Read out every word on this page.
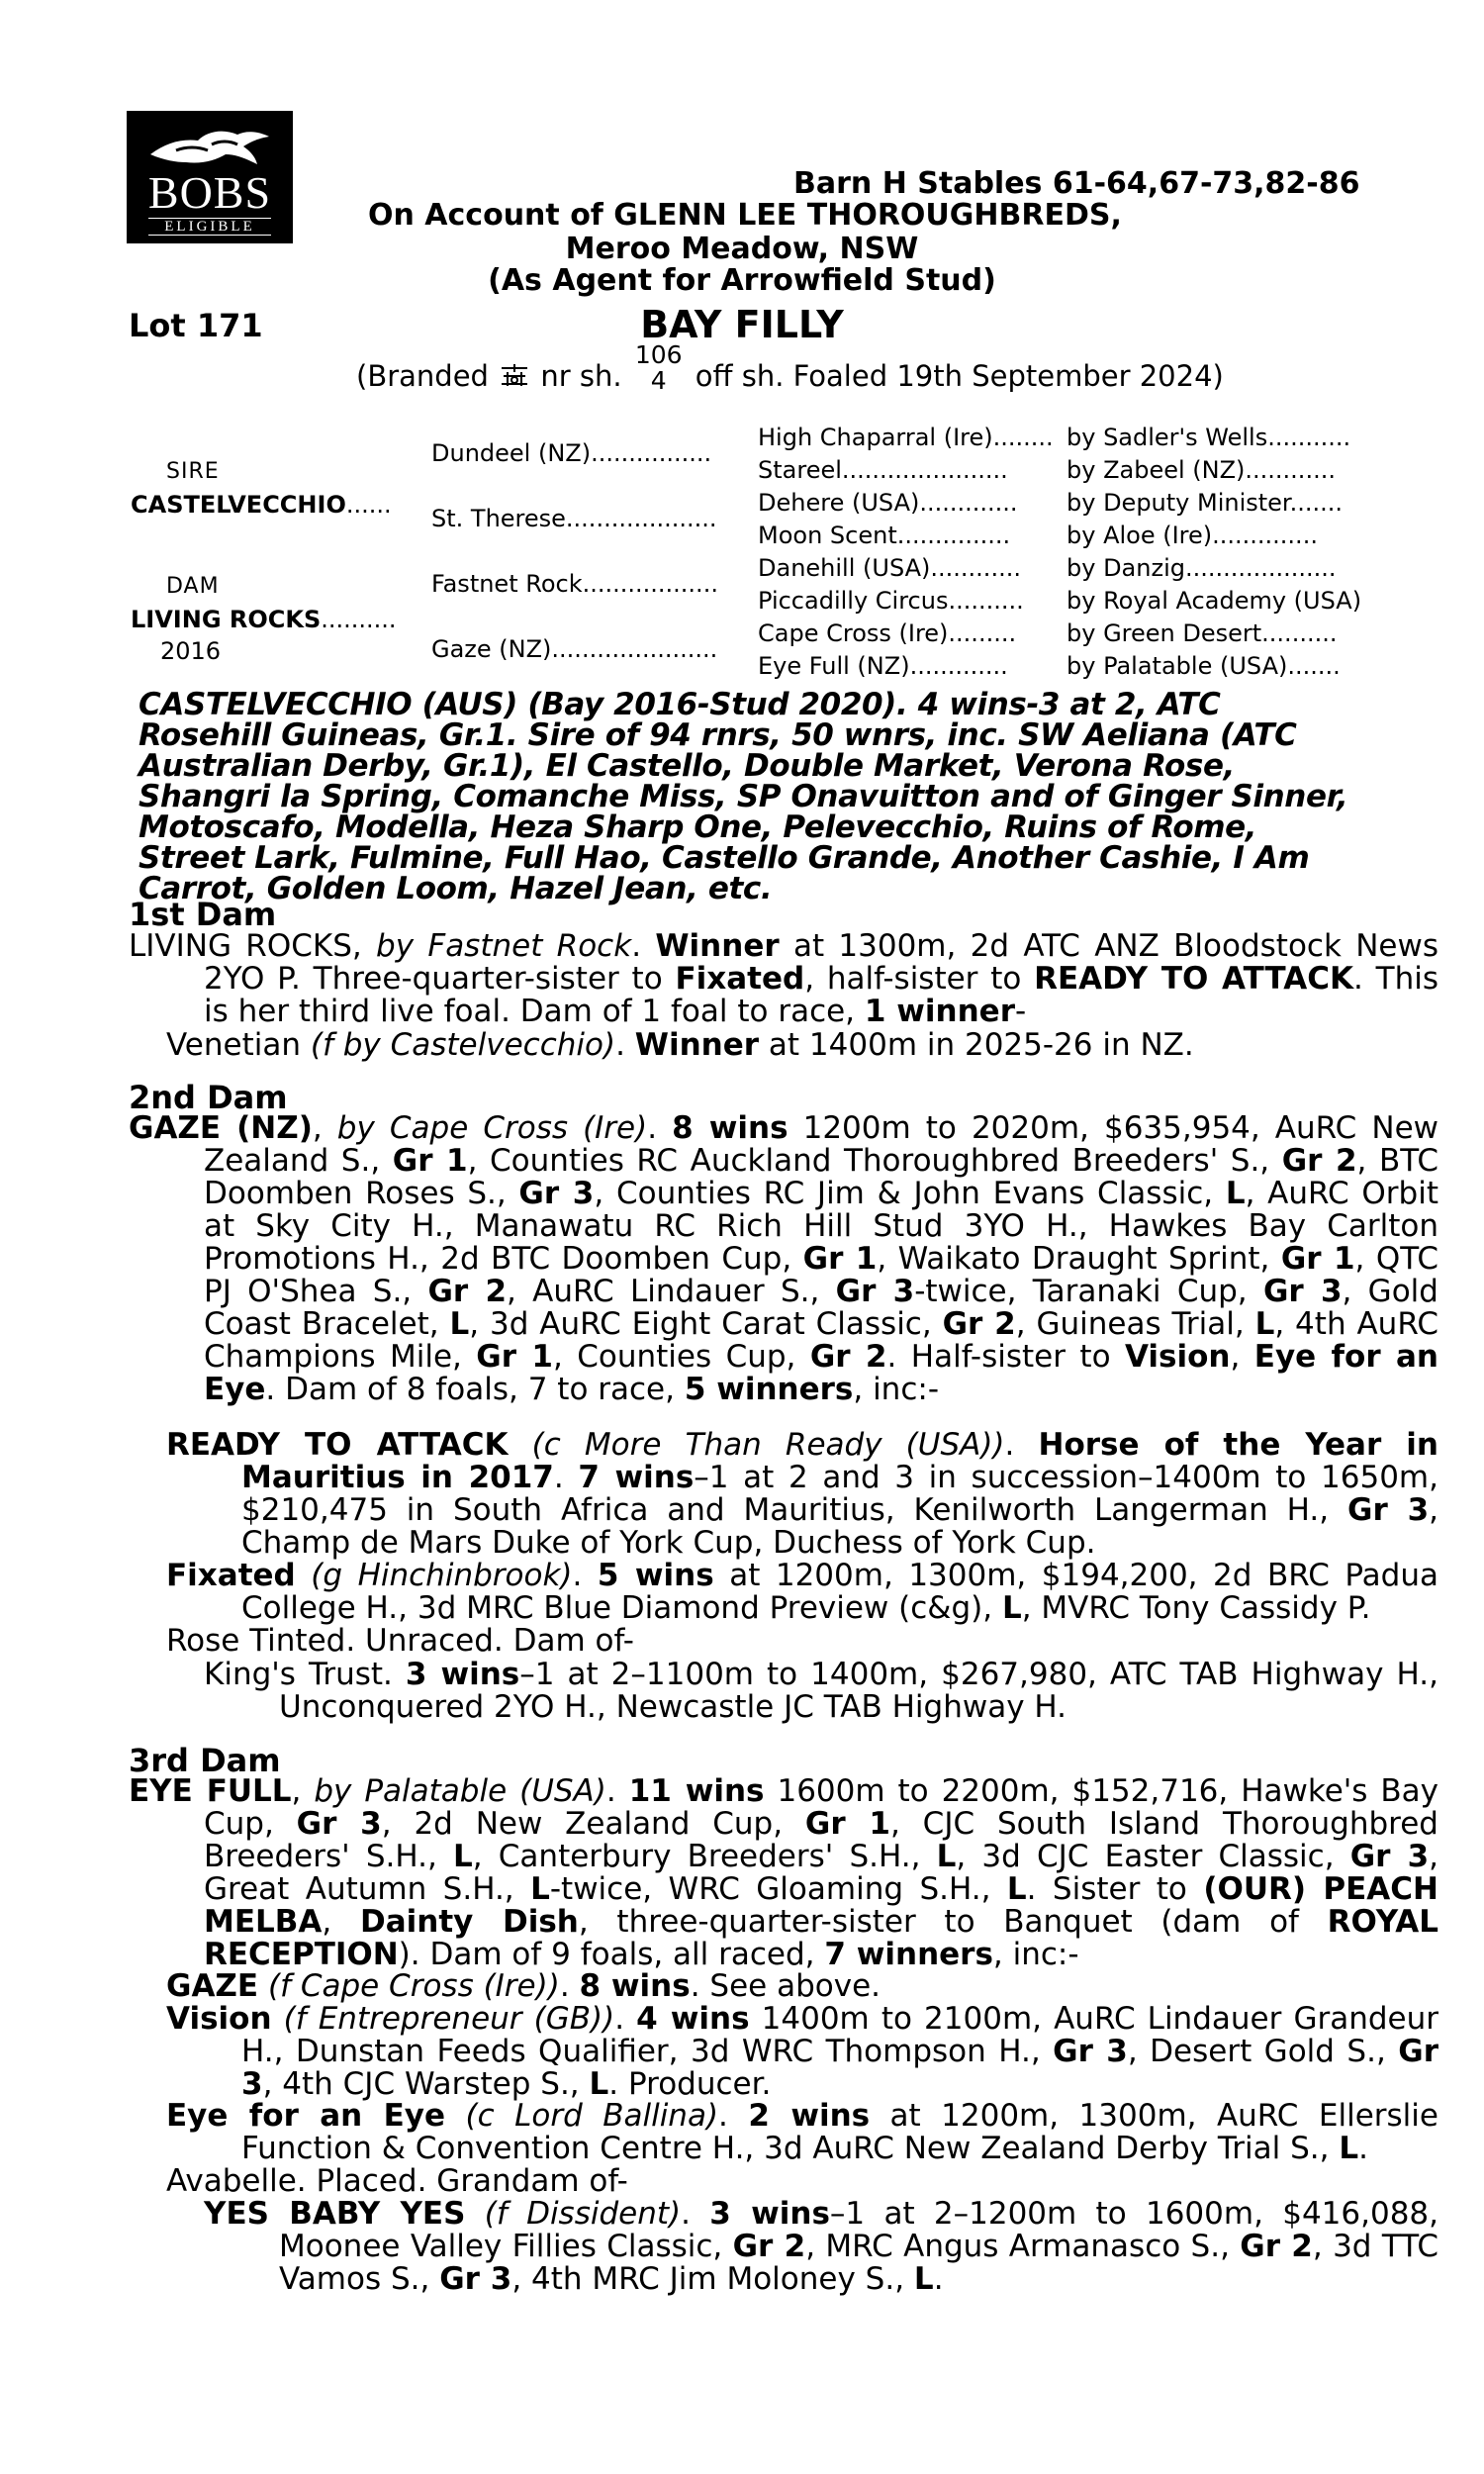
BOBS
ELIGIBLE
Barn H Stables 61-64,67-73,82-86
On Account of GLENN LEE THOROUGHBREDS,
Meroo Meadow, NSW
(As Agent for Arrowfield Stud)
Lot 171	BAY FILLY
(Branded nr sh.
106
4	off sh. Foaled 19th September 2024)
SIRE
CASTELVECCHIO......
DAM
LIVING ROCKS..........
2016
Dundeel (NZ)................
St. Therese....................
Fastnet Rock..................
Gaze (NZ)......................
High Chaparral (Ire)........ by Sadler's Wells...........
Stareel...................... by Zabeel (NZ)............
Dehere (USA)............. by Deputy Minister.......
Moon Scent............... by Aloe (Ire)..............
Danehill (USA)............ by Danzig....................
Piccadilly Circus.......... by Royal Academy (USA)
Cape Cross (Ire)......... by Green Desert..........
Eye Full (NZ)............. by Palatable (USA).......
CASTELVECCHIO (AUS) (Bay 2016-Stud 2020). 4 wins-3 at 2, ATC Rosehill Guineas, Gr.1. Sire of 94 rnrs, 50 wnrs, inc. SW Aeliana (ATC Australian Derby, Gr.1), El Castello, Double Market, Verona Rose, Shangri la Spring, Comanche Miss, SP Onavuitton and of Ginger Sinner, Motoscafo, Modella, Heza Sharp One, Pelevecchio, Ruins of Rome, Street Lark, Fulmine, Full Hao, Castello Grande, Another Cashie, I Am Carrot, Golden Loom, Hazel Jean, etc.
1st Dam
LIVING ROCKS, by Fastnet Rock. Winner at 1300m, 2d ATC ANZ Bloodstock News 2YO P. Three-quarter-sister to Fixated, half-sister to READY TO ATTACK. This is her third live foal. Dam of 1 foal to race, 1 winner-
Venetian (f by Castelvecchio). Winner at 1400m in 2025-26 in NZ.
2nd Dam
GAZE (NZ), by Cape Cross (Ire). 8 wins 1200m to 2020m, $635,954, AuRC New Zealand S., Gr 1, Counties RC Auckland Thoroughbred Breeders' S., Gr 2, BTC Doomben Roses S., Gr 3, Counties RC Jim & John Evans Classic, L, AuRC Orbit at Sky City H., Manawatu RC Rich Hill Stud 3YO H., Hawkes Bay Carlton Promotions H., 2d BTC Doomben Cup, Gr 1, Waikato Draught Sprint, Gr 1, QTC PJ O'Shea S., Gr 2, AuRC Lindauer S., Gr 3-twice, Taranaki Cup, Gr 3, Gold Coast Bracelet, L, 3d AuRC Eight Carat Classic, Gr 2, Guineas Trial, L, 4th AuRC Champions Mile, Gr 1, Counties Cup, Gr 2. Half-sister to Vision, Eye for an Eye. Dam of 8 foals, 7 to race, 5 winners, inc:-
READY TO ATTACK (c More Than Ready (USA)). Horse of the Year in Mauritius in 2017. 7 wins–1 at 2 and 3 in succession–1400m to 1650m, $210,475 in South Africa and Mauritius, Kenilworth Langerman H., Gr 3, Champ de Mars Duke of York Cup, Duchess of York Cup.
Fixated (g Hinchinbrook). 5 wins at 1200m, 1300m, $194,200, 2d BRC Padua College H., 3d MRC Blue Diamond Preview (c&g), L, MVRC Tony Cassidy P.
Rose Tinted. Unraced. Dam of-
King's Trust. 3 wins–1 at 2–1100m to 1400m, $267,980, ATC TAB Highway H., Unconquered 2YO H., Newcastle JC TAB Highway H.
3rd Dam
EYE FULL, by Palatable (USA). 11 wins 1600m to 2200m, $152,716, Hawke's Bay Cup, Gr 3, 2d New Zealand Cup, Gr 1, CJC South Island Thoroughbred Breeders' S.H., L, Canterbury Breeders' S.H., L, 3d CJC Easter Classic, Gr 3, Great Autumn S.H., L-twice, WRC Gloaming S.H., L. Sister to (OUR) PEACH MELBA, Dainty Dish, three-quarter-sister to Banquet (dam of ROYAL RECEPTION). Dam of 9 foals, all raced, 7 winners, inc:-
GAZE (f Cape Cross (Ire)). 8 wins. See above.
Vision (f Entrepreneur (GB)). 4 wins 1400m to 2100m, AuRC Lindauer Grandeur H., Dunstan Feeds Qualifier, 3d WRC Thompson H., Gr 3, Desert Gold S., Gr 3, 4th CJC Warstep S., L. Producer.
Eye for an Eye (c Lord Ballina). 2 wins at 1200m, 1300m, AuRC Ellerslie Function & Convention Centre H., 3d AuRC New Zealand Derby Trial S., L.
Avabelle. Placed. Grandam of-
YES BABY YES (f Dissident). 3 wins–1 at 2–1200m to 1600m, $416,088, Moonee Valley Fillies Classic, Gr 2, MRC Angus Armanasco S., Gr 2, 3d TTC Vamos S., Gr 3, 4th MRC Jim Moloney S., L.
